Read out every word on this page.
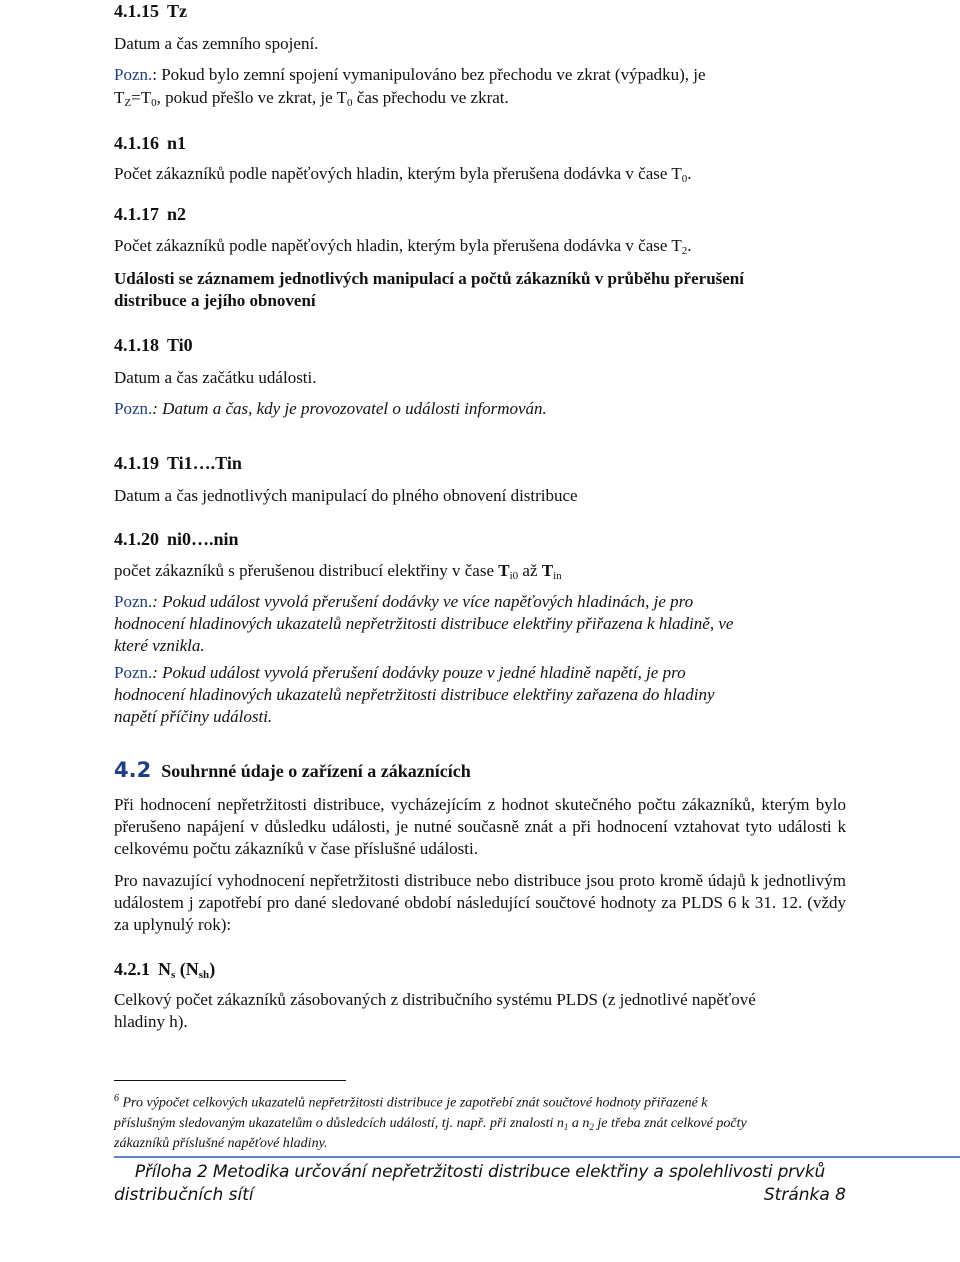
4.1.15 Tz
Datum a čas zemního spojení.
Pozn.: Pokud bylo zemní spojení vymanipulováno bez přechodu ve zkrat (výpadku), je
$T_Z=T_0$, pokud přešlo ve zkrat, je $T_0$ čas přechodu ve zkrat.
4.1.16 n1
Počet zákazníků podle napěťových hladin, kterým byla přerušena dodávka v čase $T_0$.
4.1.17 n2
Počet zákazníků podle napěťových hladin, kterým byla přerušena dodávka v čase $T_2$.
Události se záznamem jednotlivých manipulací a počtů zákazníků v průběhu přerušení
distribuce a jejího obnovení
4.1.18 Ti0
Datum a čas začátku události.
Pozn.: Datum a čas, kdy je provozovatel o události informován.
4.1.19 Ti1….Tin
Datum a čas jednotlivých manipulací do plného obnovení distribuce
4.1.20 ni0….nin
počet zákazníků s přerušenou distribucí elektřiny v čase $T_{i0}$ až $T_{in}$
Pozn.: Pokud událost vyvolá přerušení dodávky ve více napěťových hladinách, je pro
hodnocení hladinových ukazatelů nepřetržitosti distribuce elektřiny přiřazena k hladině, ve
které vznikla.
Pozn.: Pokud událost vyvolá přerušení dodávky pouze v jedné hladině napětí, je pro
hodnocení hladinových ukazatelů nepřetržitosti distribuce elektřiny zařazena do hladiny
napětí příčiny události.
4.2 Souhrnné údaje o zařízení a zákaznících
Při hodnocení nepřetržitosti distribuce, vycházejícím z hodnot skutečného počtu zákazníků, kterým bylo přerušeno napájení v důsledku události, je nutné současně znát a při hodnocení vztahovat tyto události k celkovému počtu zákazníků v čase příslušné události.
Pro navazující vyhodnocení nepřetržitosti distribuce nebo distribuce jsou proto kromě údajů k jednotlivým událostem j zapotřebí pro dané sledované období následující součtové hodnoty za PLDS 6 k 31. 12. (vždy za uplynulý rok):
4.2.1 $N_s$ $(N_{sh})$
Celkový počet zákazníků zásobovaných z distribučního systému PLDS (z jednotlivé napěťové
hladiny h).
$^6$ Pro výpočet celkových ukazatelů nepřetržitosti distribuce je zapotřebí znát součtové hodnoty přiřazené k
příslušným sledovaným ukazatelům o důsledcích událostí, tj. např. při znalosti $n_1$ a $n_2$ je třeba znát celkové počty
zákazníků příslušné napěťové hladiny.
Příloha 2 Metodika určování nepřetržitosti distribuce elektřiny a spolehlivosti prvků
distribučních sítí	Stránka 8
